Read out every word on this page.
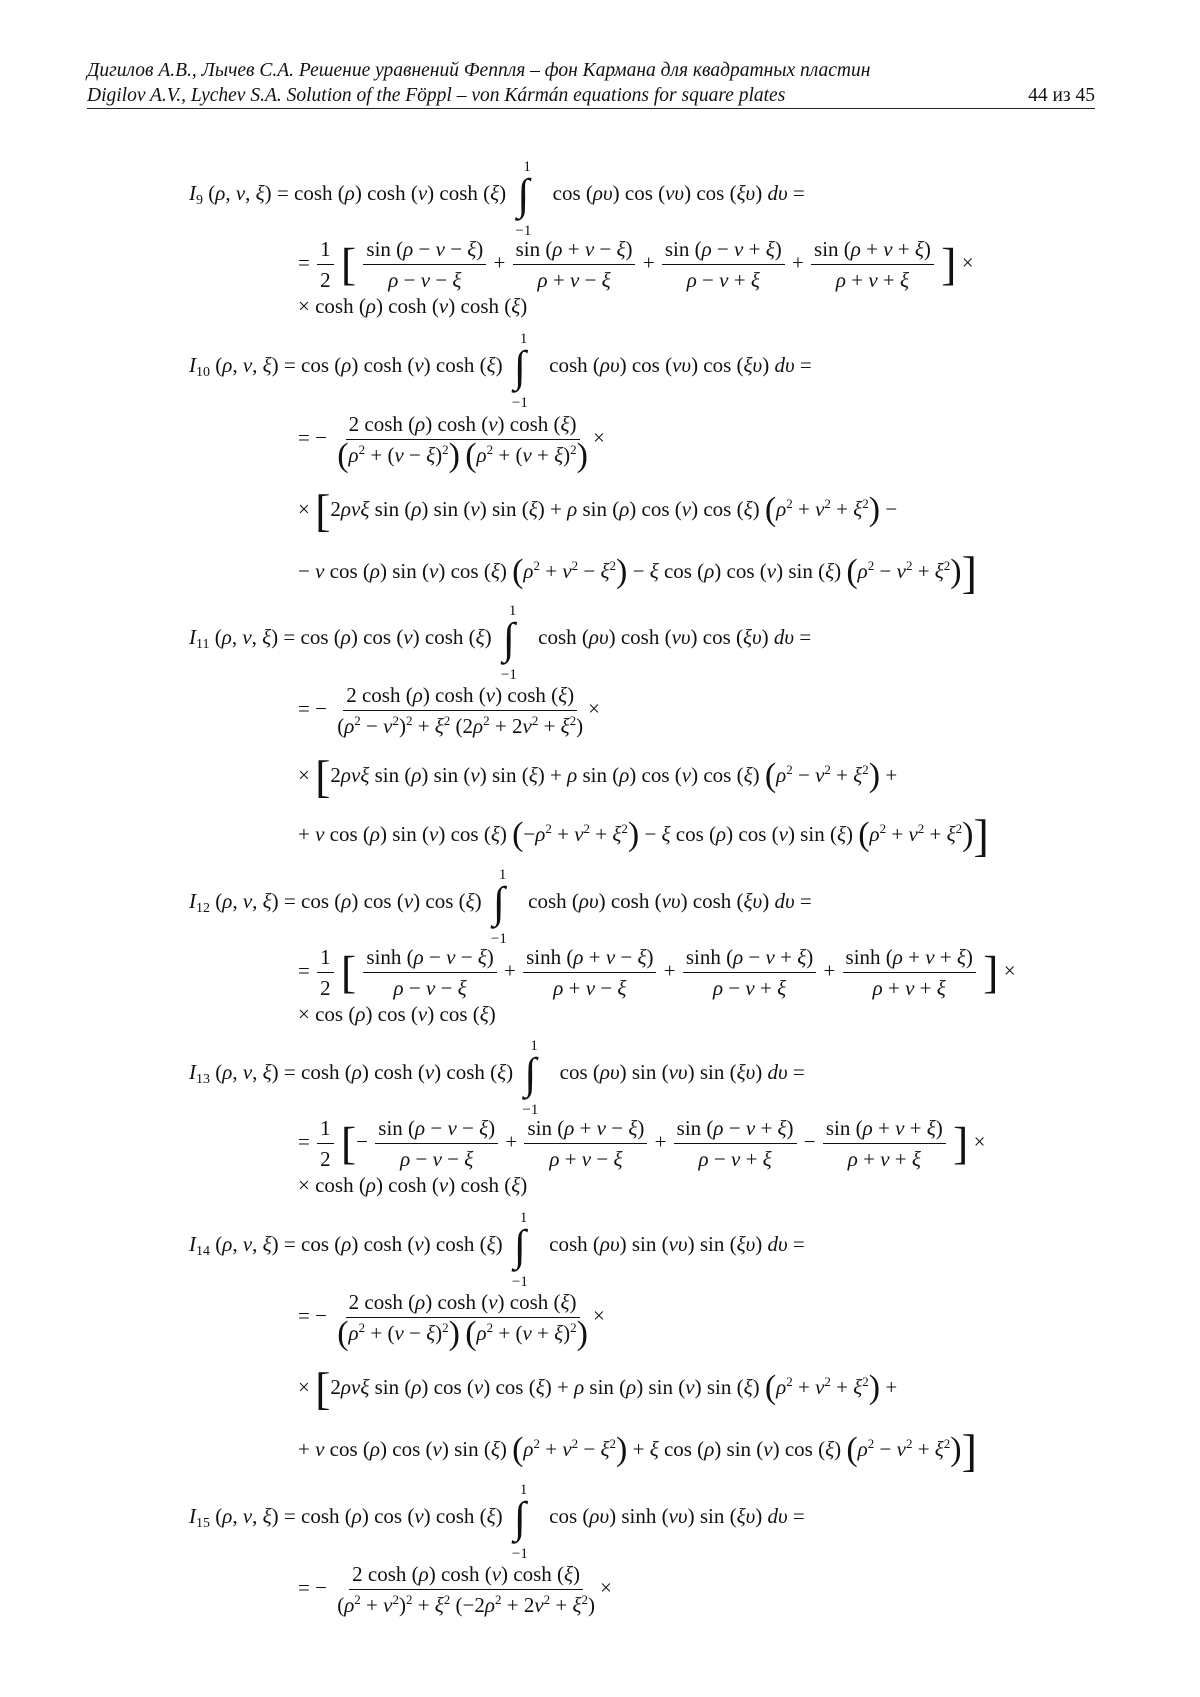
Дигилов А.В., Лычев С.А. Решение уравнений Феппля – фон Кармана для квадратных пластин
Digilov A.V., Lychev S.A. Solution of the Föppl – von Kármán equations for square plates	44 из 45
$I_9$ (ρ, ν, ξ) = cosh (ρ) cosh (ν) cosh (ξ)
1
∫
−1
cos (ρυ) cos (νυ) cos (ξυ) dυ =
= $\frac{1}{2}$ [ $\frac{\sin (\rho - \nu - \xi)}{\rho - \nu - \xi} + \frac{\sin (\rho + \nu - \xi)}{\rho + \nu - \xi} + \frac{\sin (\rho - \nu + \xi)}{\rho - \nu + \xi} + \frac{\sin (\rho + \nu + \xi)}{\rho + \nu + \xi}$ ] ×
× cosh (ρ) cosh (ν) cosh (ξ)
$I_{10}$ (ρ, ν, ξ) = cos (ρ) cosh (ν) cosh (ξ)
1
∫
−1
cosh (ρυ) cos (νυ) cos (ξυ) dυ =
= − $\frac{2 \cosh (\rho) \cosh (\nu) \cosh (\xi)}{(\rho^2 + (\nu - \xi)^2) (\rho^2 + (\nu + \xi)^2)}$ ×
× [2ρνξ sin (ρ) sin (ν) sin (ξ) + ρ sin (ρ) cos (ν) cos (ξ) $(\rho^2 + \nu^2 + \xi^2)$ −
− ν cos (ρ) sin (ν) cos (ξ) $(\rho^2 + \nu^2 - \xi^2) - \xi$ cos (ρ) cos (ν) sin (ξ) $(\rho^2 - \nu^2 + \xi^2)$]
$I_{11}$ (ρ, ν, ξ) = cos (ρ) cos (ν) cosh (ξ)
1
∫
−1
cosh (ρυ) cosh (νυ) cos (ξυ) dυ =
= − $\frac{2 \cosh (\rho) \cosh (\nu) \cosh (\xi)}{(\rho^2 - \nu^2)^2 + \xi^2 (2\rho^2 + 2\nu^2 + \xi^2)}$ ×
× [2ρνξ sin (ρ) sin (ν) sin (ξ) + ρ sin (ρ) cos (ν) cos (ξ) $(\rho^2 - \nu^2 + \xi^2)$ +
+ ν cos (ρ) sin (ν) cos (ξ) $(-\rho^2 + \nu^2 + \xi^2) - \xi$ cos (ρ) cos (ν) sin (ξ) $(\rho^2 + \nu^2 + \xi^2)$]
$I_{12}$ (ρ, ν, ξ) = cos (ρ) cos (ν) cos (ξ)
1
∫
−1
cosh (ρυ) cosh (νυ) cosh (ξυ) dυ =
= $\frac{1}{2}$ [ $\frac{\sinh (\rho - \nu - \xi)}{\rho - \nu - \xi} + \frac{\sinh (\rho + \nu - \xi)}{\rho + \nu - \xi} + \frac{\sinh (\rho - \nu + \xi)}{\rho - \nu + \xi} + \frac{\sinh (\rho + \nu + \xi)}{\rho + \nu + \xi}$ ] ×
× cos (ρ) cos (ν) cos (ξ)
$I_{13}$ (ρ, ν, ξ) = cosh (ρ) cosh (ν) cosh (ξ)
1
∫
−1
cos (ρυ) sin (νυ) sin (ξυ) dυ =
= $\frac{1}{2}$ [− $\frac{\sin (\rho - \nu - \xi)}{\rho - \nu - \xi} + \frac{\sin (\rho + \nu - \xi)}{\rho + \nu - \xi} + \frac{\sin (\rho - \nu + \xi)}{\rho - \nu + \xi} - \frac{\sin (\rho + \nu + \xi)}{\rho + \nu + \xi}$ ] ×
× cosh (ρ) cosh (ν) cosh (ξ)
$I_{14}$ (ρ, ν, ξ) = cos (ρ) cosh (ν) cosh (ξ)
1
∫
−1
cosh (ρυ) sin (νυ) sin (ξυ) dυ =
= − $\frac{2 \cosh (\rho) \cosh (\nu) \cosh (\xi)}{(\rho^2 + (\nu - \xi)^2) (\rho^2 + (\nu + \xi)^2)}$ ×
× [2ρνξ sin (ρ) cos (ν) cos (ξ) + ρ sin (ρ) sin (ν) sin (ξ) $(\rho^2 + \nu^2 + \xi^2)$ +
+ ν cos (ρ) cos (ν) sin (ξ) $(\rho^2 + \nu^2 - \xi^2) + \xi$ cos (ρ) sin (ν) cos (ξ) $(\rho^2 - \nu^2 + \xi^2)$]
$I_{15}$ (ρ, ν, ξ) = cosh (ρ) cos (ν) cosh (ξ)
1
∫
−1
cos (ρυ) sinh (νυ) sin (ξυ) dυ =
= − $\frac{2 \cosh (\rho) \cosh (\nu) \cosh (\xi)}{(\rho^2 + \nu^2)^2 + \xi^2 (-2\rho^2 + 2\nu^2 + \xi^2)}$ ×
